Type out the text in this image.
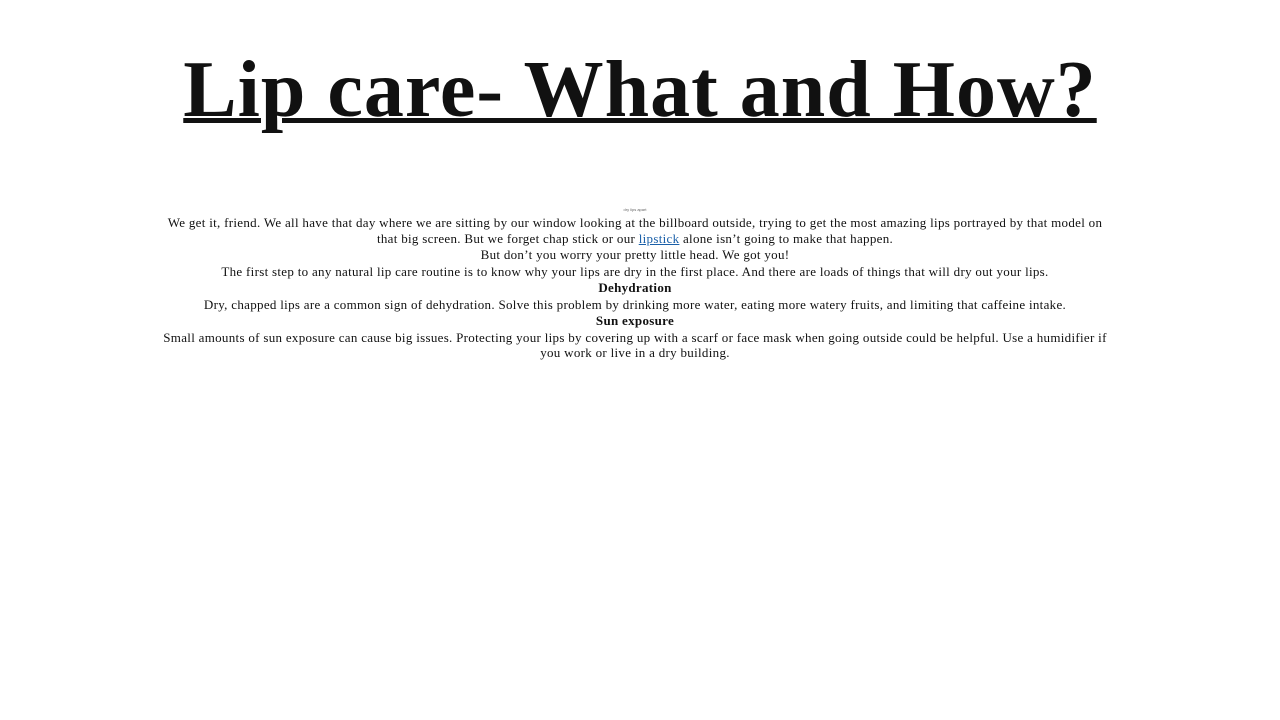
Lip care- What and How?
dry lips apart

We get it, friend. We all have that day where we are sitting by our window looking at the billboard outside, trying to get the most amazing lips portrayed by that model on that big screen. But we forget chap stick or our lipstick alone isn’t going to make that happen.

But don’t you worry your pretty little head. We got you!

The first step to any natural lip care routine is to know why your lips are dry in the first place. And there are loads of things that will dry out your lips.

Dehydration

Dry, chapped lips are a common sign of dehydration. Solve this problem by drinking more water, eating more watery fruits, and limiting that caffeine intake.

Sun exposure

Small amounts of sun exposure can cause big issues. Protecting your lips by covering up with a scarf or face mask when going outside could be helpful. Use a humidifier if you work or live in a dry building.
